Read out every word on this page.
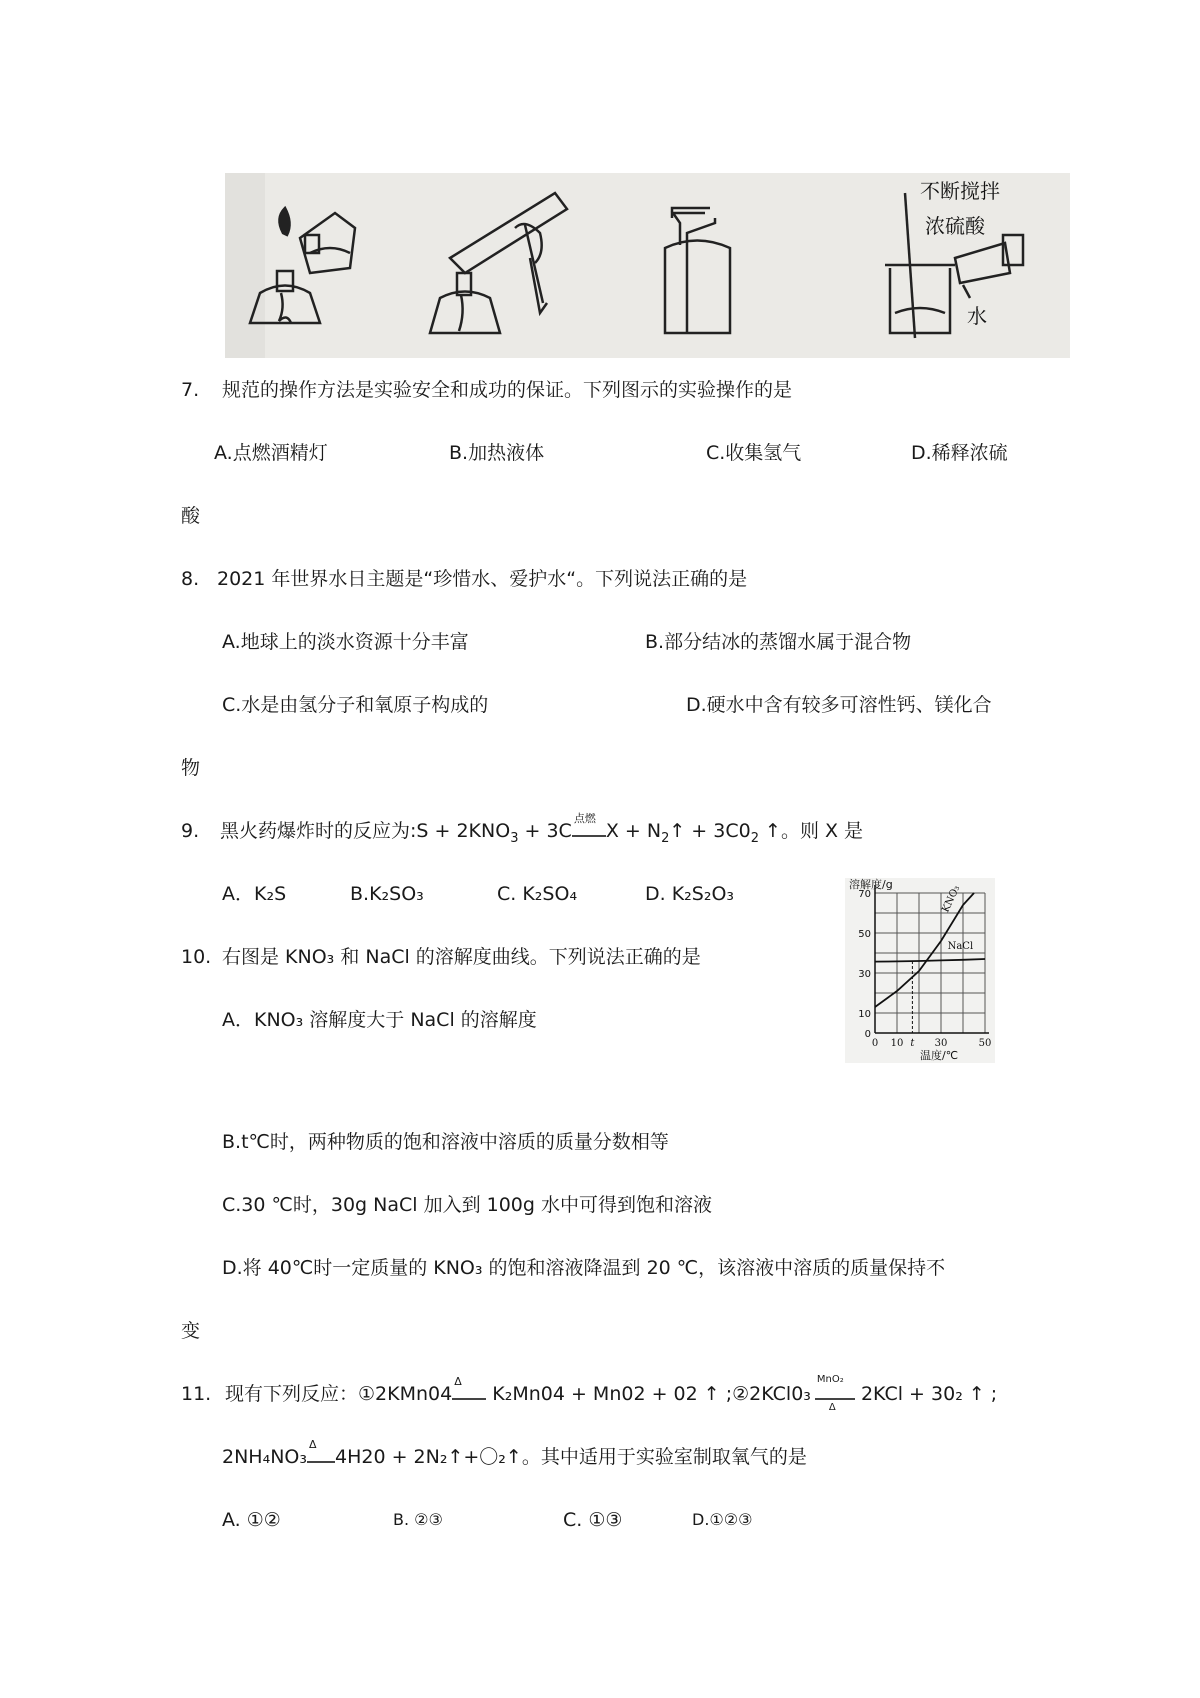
不断搅拌
浓硫酸
水
7. 规范的操作方法是实验安全和成功的保证。下列图示的实验操作的是
A.点燃酒精灯	B.加热液体	C.收集氢气	D.稀释浓硫
酸
8. 2021 年世界水日主题是“珍惜水、爱护水“。下列说法正确的是
A.地球上的淡水资源十分丰富	B.部分结冰的蒸馏水属于混合物
C.水是由氢分子和氧原子构成的	D.硬水中含有较多可溶性钙、镁化合
物
9. 黑火药爆炸时的反应为:S + $2KNO_3 + 3C$
点燃
$X + N_2↑ + 3C0_2$ ↑。则 X 是
A．K₂S	B.K₂SO₃	C. K₂SO₄	D. K₂S₂O₃
10. 右图是 KNO₃ 和 NaCl 的溶解度曲线。下列说法正确的是
A．KNO₃ 溶解度大于 NaCl 的溶解度
0
10
30
50
70
0 10 t 30	50
KNO₃
NaCl
溶解度/g
温度/℃
B.t℃时，两种物质的饱和溶液中溶质的质量分数相等
C.30 ℃时，30g NaCl 加入到 100g 水中可得到饱和溶液
D.将 40℃时一定质量的 KNO₃ 的饱和溶液降温到 20 ℃，该溶液中溶质的质量保持不
变
11. 现有下列反应：①2KMn04
Δ
K₂Mn04 + Mn02 + 02 ↑ ;②2KCl0₃
MnO₂
Δ
2KCl + 30₂ ↑ ;
2NH₄NO₃
Δ
4H20 + 2N₂↑+〇₂↑。其中适用于实验室制取氧气的是
A. ①②	B. ②③	C. ①③	D.①②③
